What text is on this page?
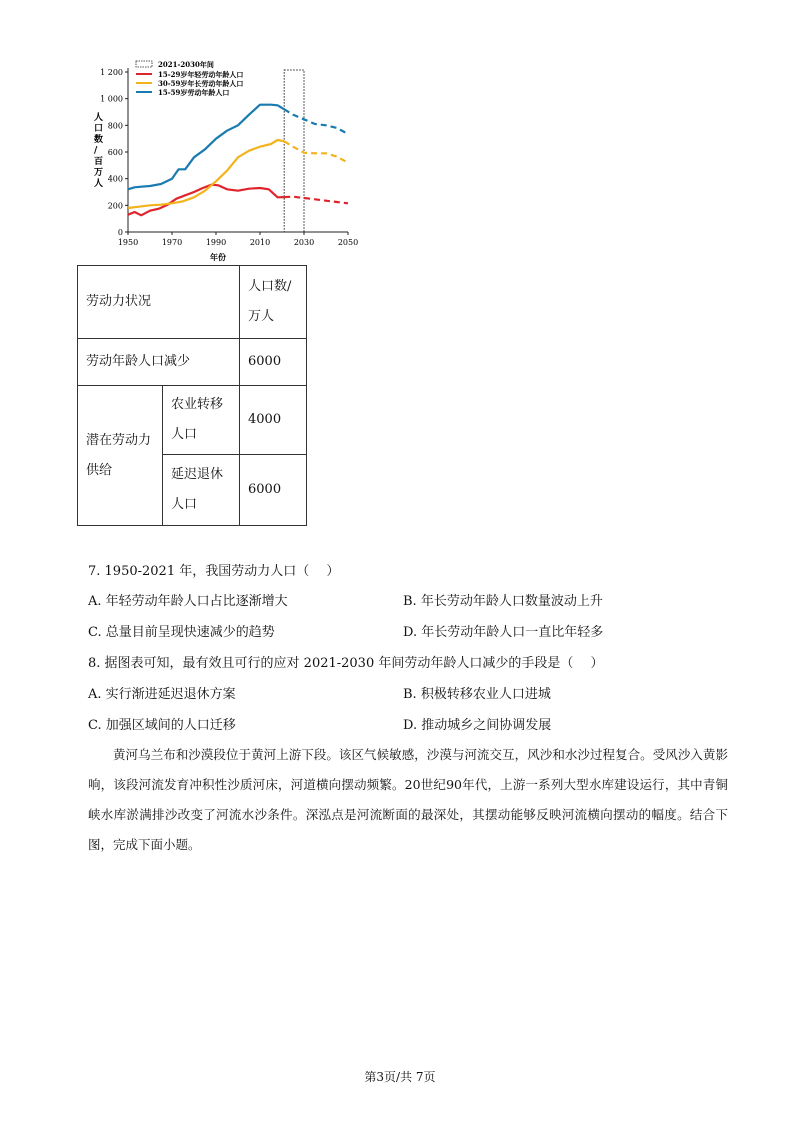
0
200
400
600
800
1 000
1 200
1950	1970	1990	2010	2030	2050
2021-2030年间
15-29岁年轻劳动年龄人口
30-59岁年长劳动年龄人口
15-59岁劳动年龄人口
年份
人口数/百万人
劳动力状况		人口数/万人
劳动年龄人口减少		6000
潜在劳动力供给	农业转移人口	4000
	延迟退休人口	6000
7. 1950-2021 年，我国劳动力人口（　 ）
A. 年轻劳动年龄人口占比逐渐增大	B. 年长劳动年龄人口数量波动上升
C. 总量目前呈现快速减少的趋势	D. 年长劳动年龄人口一直比年轻多
8. 据图表可知，最有效且可行的应对 2021-2030 年间劳动年龄人口减少的手段是（　 ）
A. 实行渐进延迟退休方案	B. 积极转移农业人口进城
C. 加强区域间的人口迁移	D. 推动城乡之间协调发展
黄河乌兰布和沙漠段位于黄河上游下段。该区气候敏感，沙漠与河流交互，风沙和水沙过程复合。受风沙入黄影响，该段河流发育冲积性沙质河床，河道横向摆动频繁。20世纪90年代，上游一系列大型水库建设运行，其中青铜峡水库淤满排沙改变了河流水沙条件。深泓点是河流断面的最深处，其摆动能够反映河流横向摆动的幅度。结合下图，完成下面小题。
第3页/共 7页
